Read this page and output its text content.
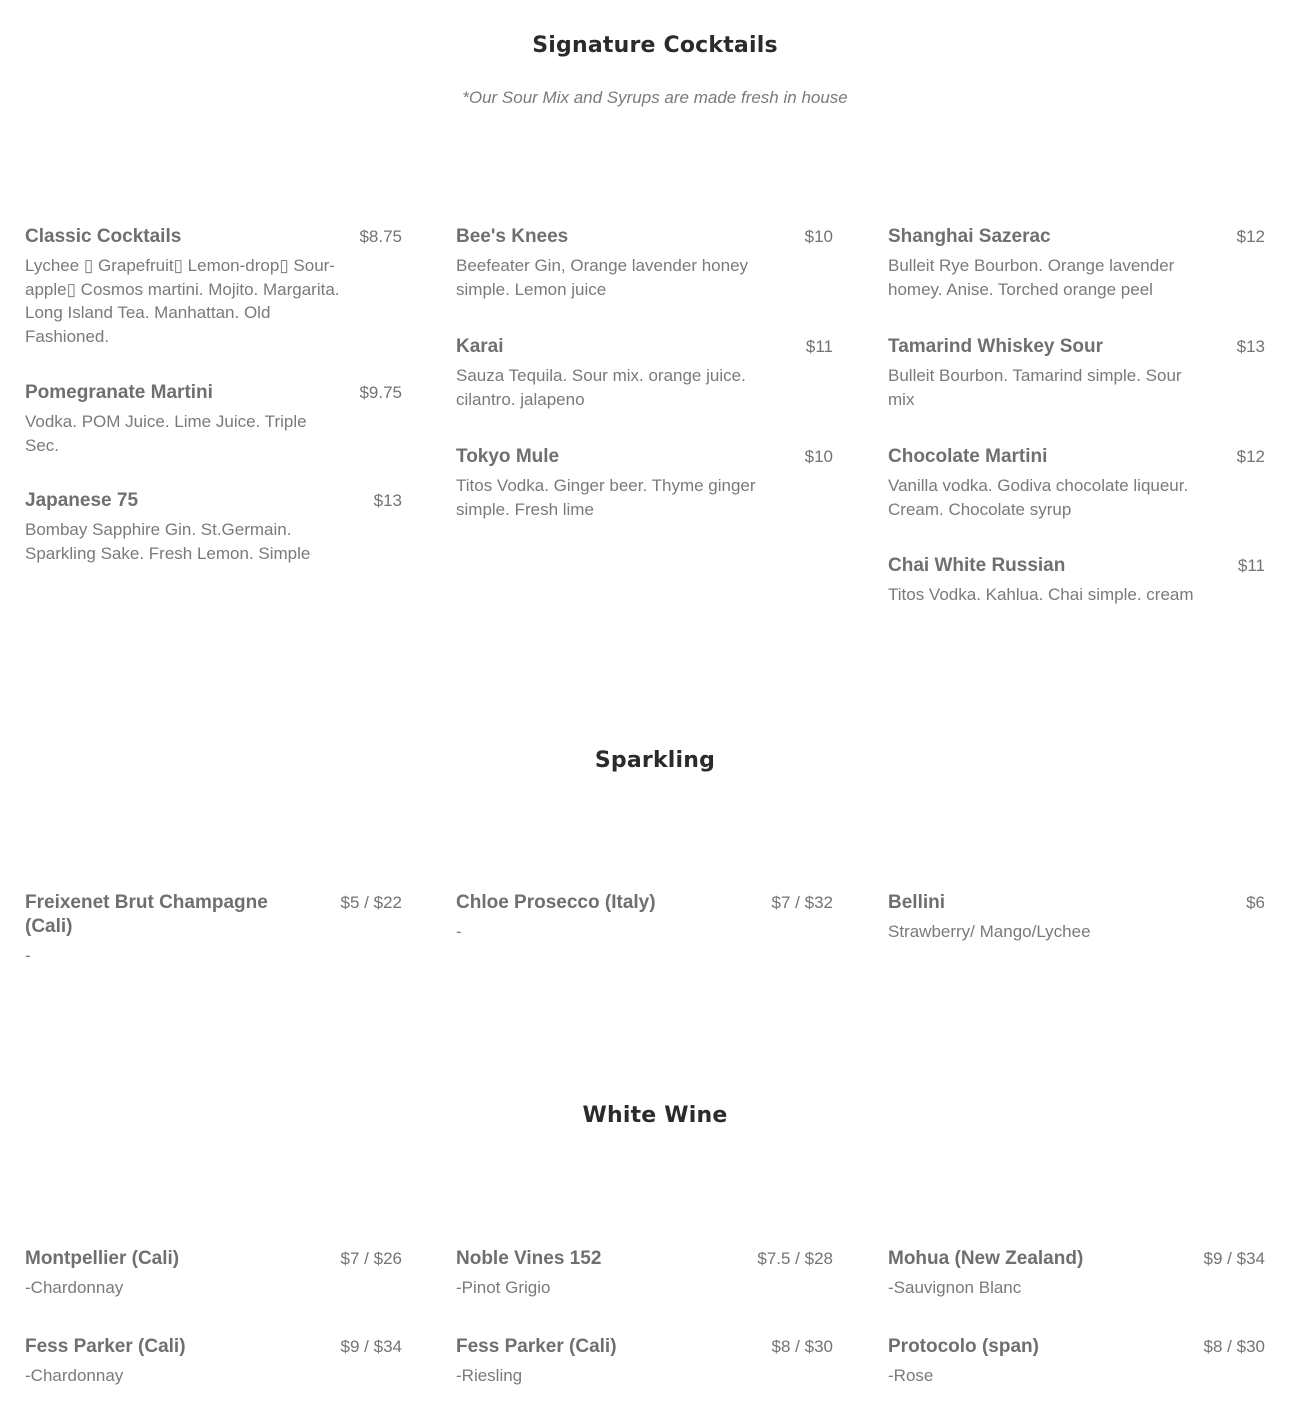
Signature Cocktails

*Our Sour Mix and Syrups are made fresh in house

Classic Cocktails	$8.75
Lychee ▯ Grapefruit▯ Lemon-drop▯ Sour-apple▯ Cosmos martini. Mojito. Margarita. Long Island Tea. Manhattan. Old Fashioned.
Pomegranate Martini	$9.75
Vodka. POM Juice. Lime Juice. Triple Sec.
Japanese 75	$13
Bombay Sapphire Gin. St.Germain. Sparkling Sake. Fresh Lemon. Simple
Bee's Knees	$10
Beefeater Gin, Orange lavender honey simple. Lemon juice
Karai	$11
Sauza Tequila. Sour mix. orange juice. cilantro. jalapeno
Tokyo Mule	$10
Titos Vodka. Ginger beer. Thyme ginger simple. Fresh lime
Shanghai Sazerac	$12
Bulleit Rye Bourbon. Orange lavender homey. Anise. Torched orange peel
Tamarind Whiskey Sour	$13
Bulleit Bourbon. Tamarind simple. Sour mix
Chocolate Martini	$12
Vanilla vodka. Godiva chocolate liqueur. Cream. Chocolate syrup
Chai White Russian	$11
Titos Vodka. Kahlua. Chai simple. cream
Sparkling
Freixenet Brut Champagne (Cali)
$5 / $22
-
Chloe Prosecco (Italy)	$7 / $32
-
Bellini	$6
Strawberry/ Mango/Lychee
White Wine
Montpellier (Cali)	$7 / $26
-Chardonnay
Fess Parker (Cali)	$9 / $34
-Chardonnay
Noble Vines 152	$7.5 / $28
-Pinot Grigio
Fess Parker (Cali)	$8 / $30
-Riesling
Mohua (New Zealand)	$9 / $34
-Sauvignon Blanc
Protocolo (span)	$8 / $30
-Rose
